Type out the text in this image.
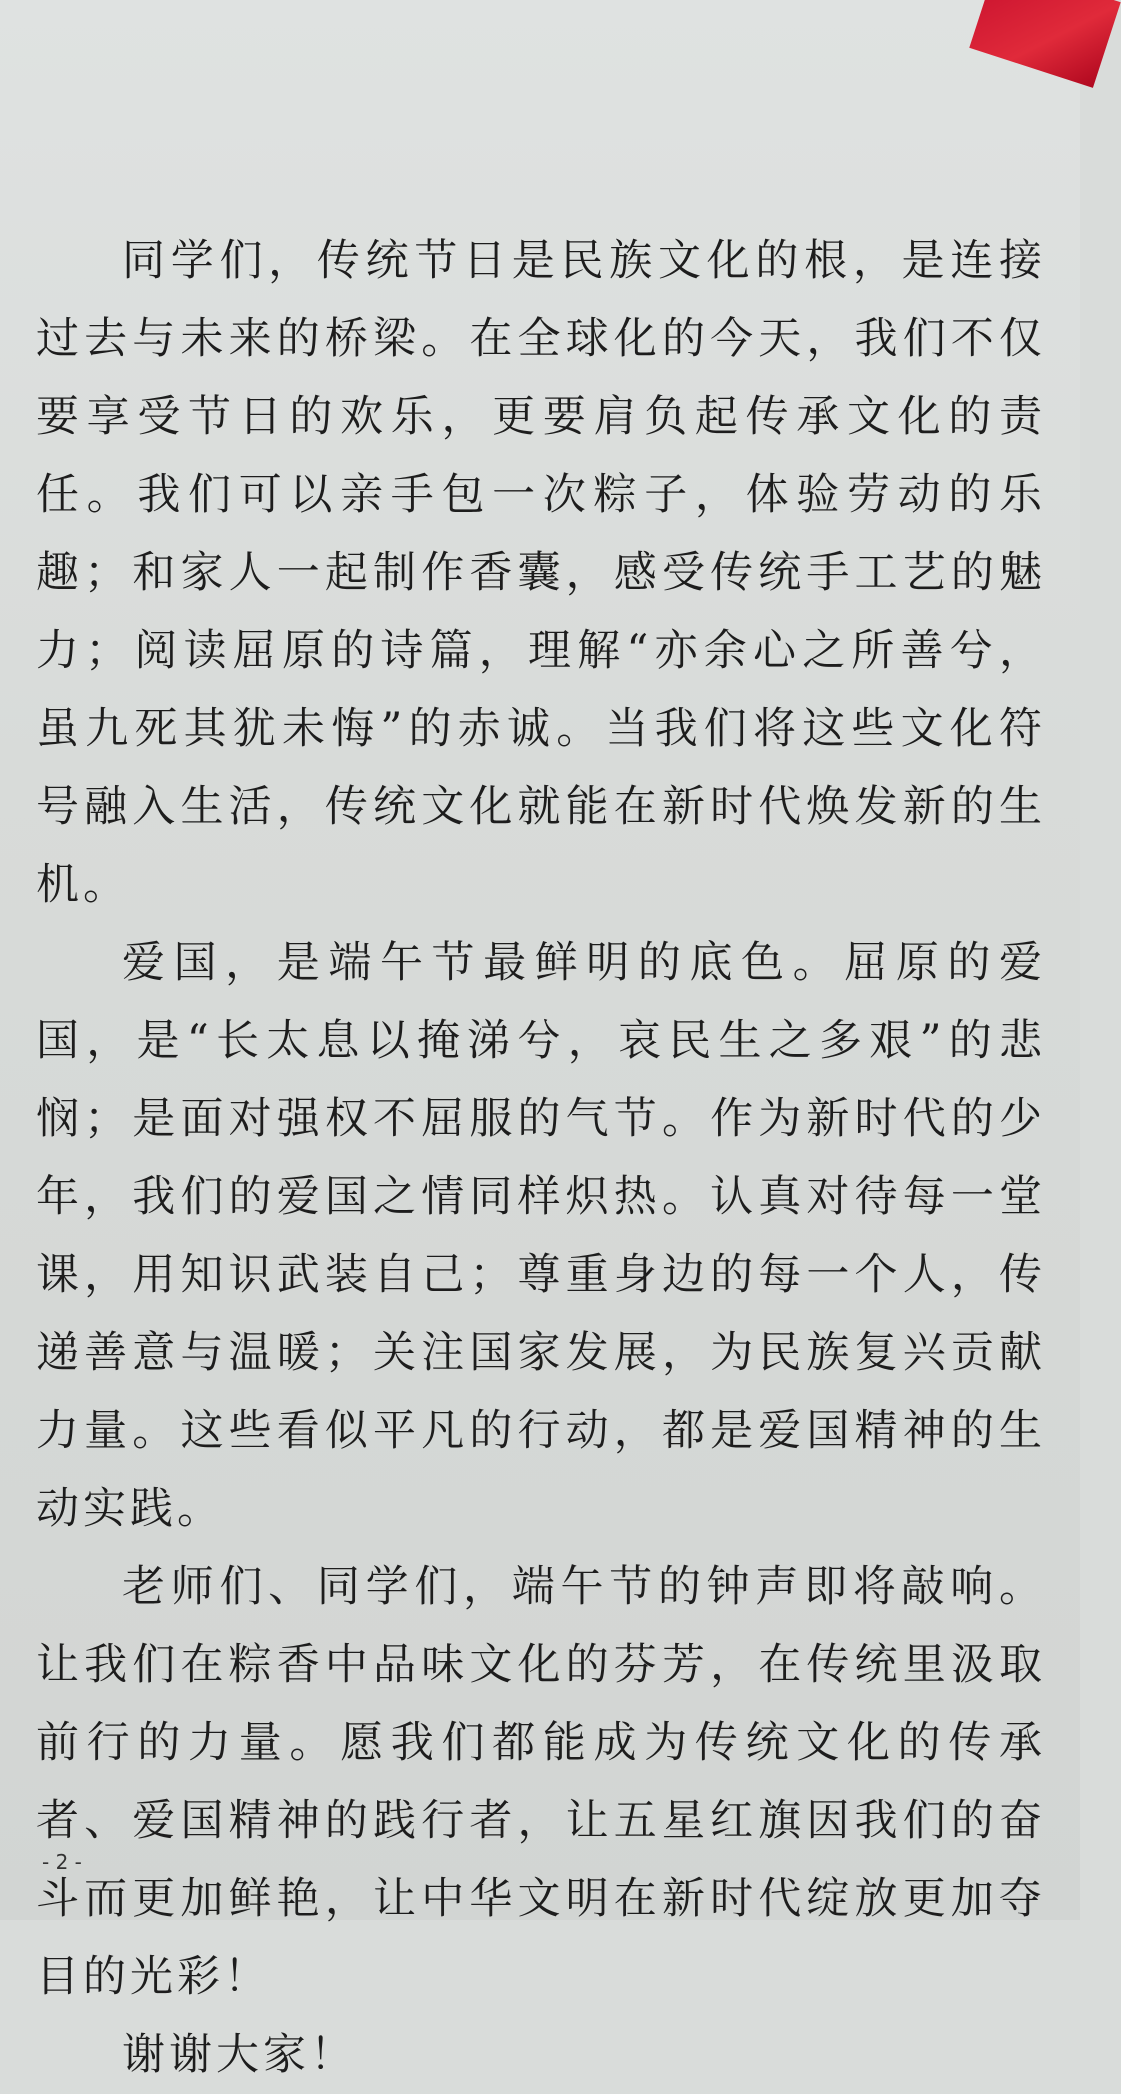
同学们，传统节日是民族文化的根，是连接过去与未来的桥梁。在全球化的今天，我们不仅要享受节日的欢乐，更要肩负起传承文化的责任。我们可以亲手包一次粽子，体验劳动的乐趣；和家人一起制作香囊，感受传统手工艺的魅力；阅读屈原的诗篇，理解“亦余心之所善兮，虽九死其犹未悔”的赤诚。当我们将这些文化符号融入生活，传统文化就能在新时代焕发新的生机。

爱国，是端午节最鲜明的底色。屈原的爱国，是“长太息以掩涕兮，哀民生之多艰”的悲悯；是面对强权不屈服的气节。作为新时代的少年，我们的爱国之情同样炽热。认真对待每一堂课，用知识武装自己；尊重身边的每一个人，传递善意与温暖；关注国家发展，为民族复兴贡献力量。这些看似平凡的行动，都是爱国精神的生动实践。

老师们、同学们，端午节的钟声即将敲响。让我们在粽香中品味文化的芬芳，在传统里汲取前行的力量。愿我们都能成为传统文化的传承者、爱国精神的践行者，让五星红旗因我们的奋斗而更加鲜艳，让中华文明在新时代绽放更加夺目的光彩！

谢谢大家！

- 2 -
